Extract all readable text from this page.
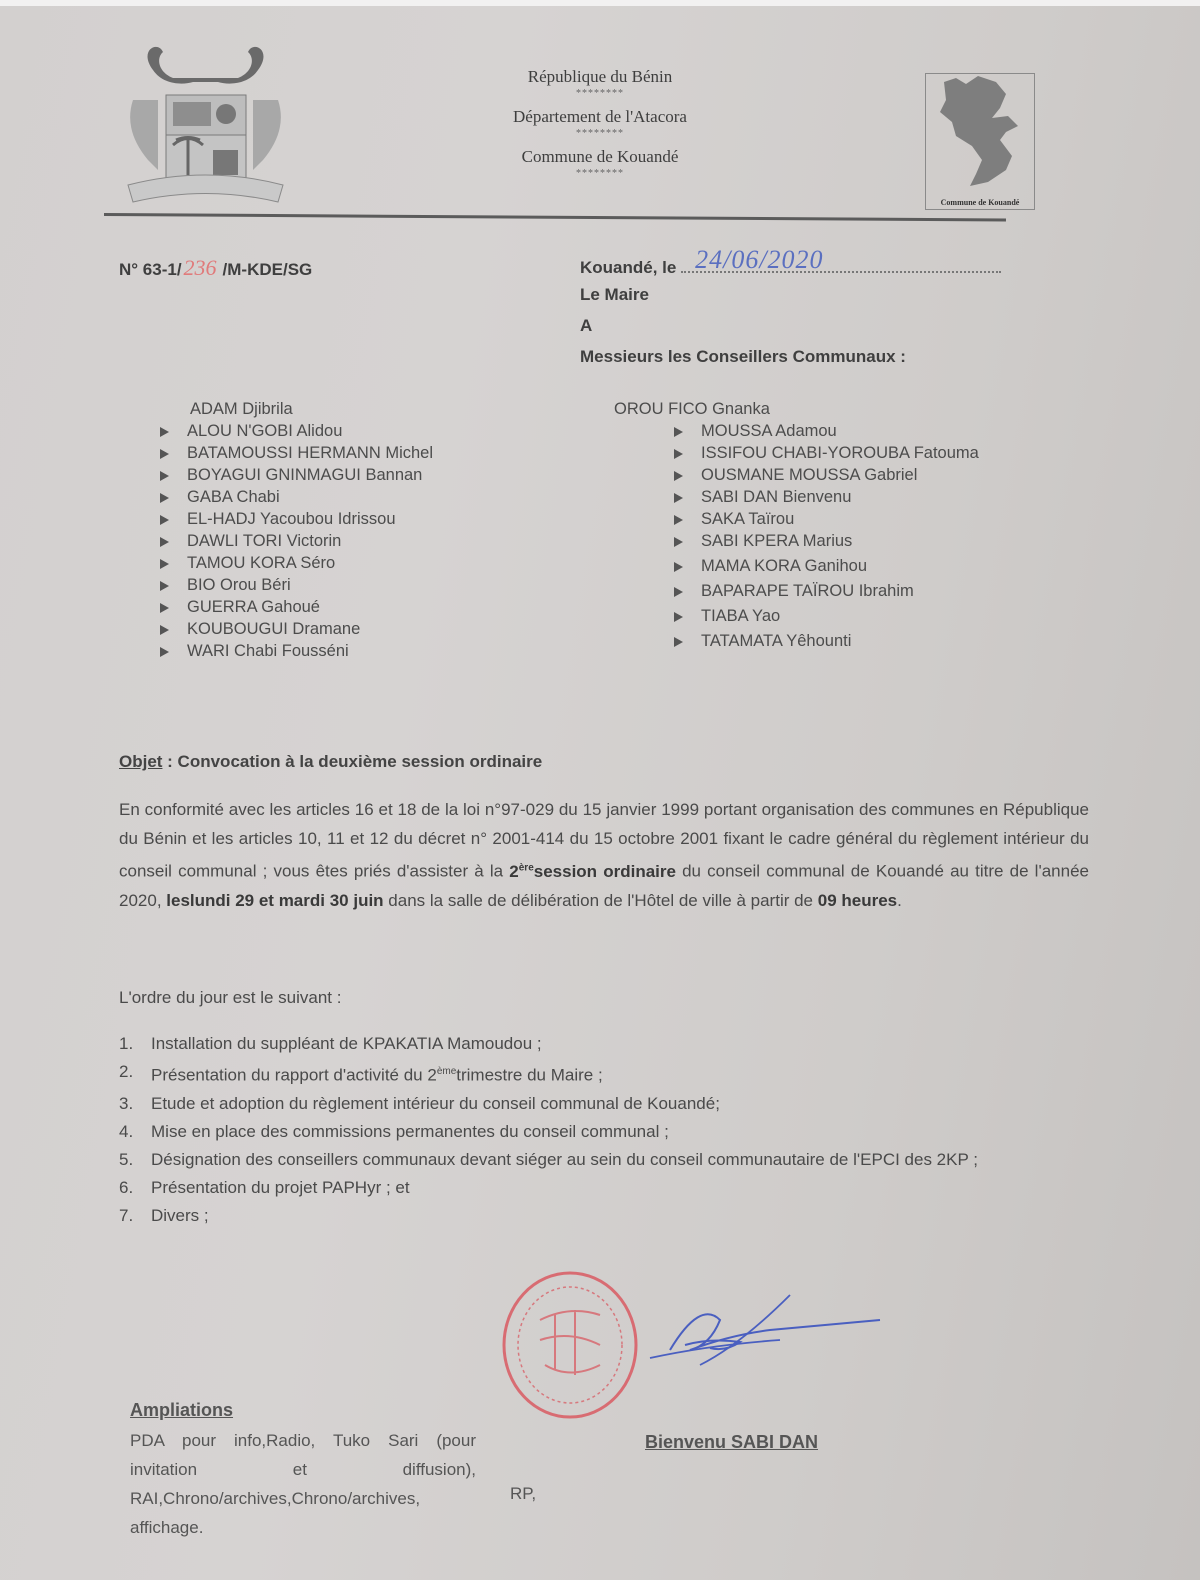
République du Bénin
********
Département de l'Atacora
********
Commune de Kouandé
********
Commune de Kouandé
N° 63-1/236 /M-KDE/SG	Kouandé, le 24/06/2020
Le Maire
A
Messieurs les Conseillers Communaux :
ADAM Djibrila
ALOU N'GOBI Alidou
BATAMOUSSI HERMANN Michel
BOYAGUI GNINMAGUI Bannan
GABA Chabi
EL-HADJ Yacoubou Idrissou
DAWLI TORI Victorin
TAMOU KORA Séro
BIO Orou Béri
GUERRA Gahoué
KOUBOUGUI Dramane
WARI Chabi Fousséni
OROU FICO Gnanka
MOUSSA Adamou
ISSIFOU CHABI-YOROUBA Fatouma
OUSMANE MOUSSA Gabriel
SABI DAN Bienvenu
SAKA Taïrou
SABI KPERA Marius
MAMA KORA Ganihou
BAPARAPE TAÏROU Ibrahim
TIABA Yao
TATAMATA Yêhounti
Objet : Convocation à la deuxième session ordinaire
En conformité avec les articles 16 et 18 de la loi n°97-029 du 15 janvier 1999 portant organisation des communes en République du Bénin et les articles 10, 11 et 12 du décret n° 2001-414 du 15 octobre 2001 fixant le cadre général du règlement intérieur du conseil communal ; vous êtes priés d'assister à la 2èresession ordinaire du conseil communal de Kouandé au titre de l'année 2020, leslundi 29 et mardi 30 juin dans la salle de délibération de l'Hôtel de ville à partir de 09 heures.
L'ordre du jour est le suivant :
1.	Installation du suppléant de KPAKATIA Mamoudou ;
2.	Présentation du rapport d'activité du 2èmetrimestre du Maire ;
3.	Etude et adoption du règlement intérieur du conseil communal de Kouandé;
4.	Mise en place des commissions permanentes du conseil communal ;
5.	Désignation des conseillers communaux devant siéger au sein du conseil communautaire de l'EPCI des 2KP ;
6.	Présentation du projet PAPHyr ; et
7.	Divers ;
Bienvenu SABI DAN
Ampliations
PDA pour info,Radio, Tuko Sari (pour invitation et diffusion), RAI,Chrono/archives,Chrono/archives, affichage.
RP,
